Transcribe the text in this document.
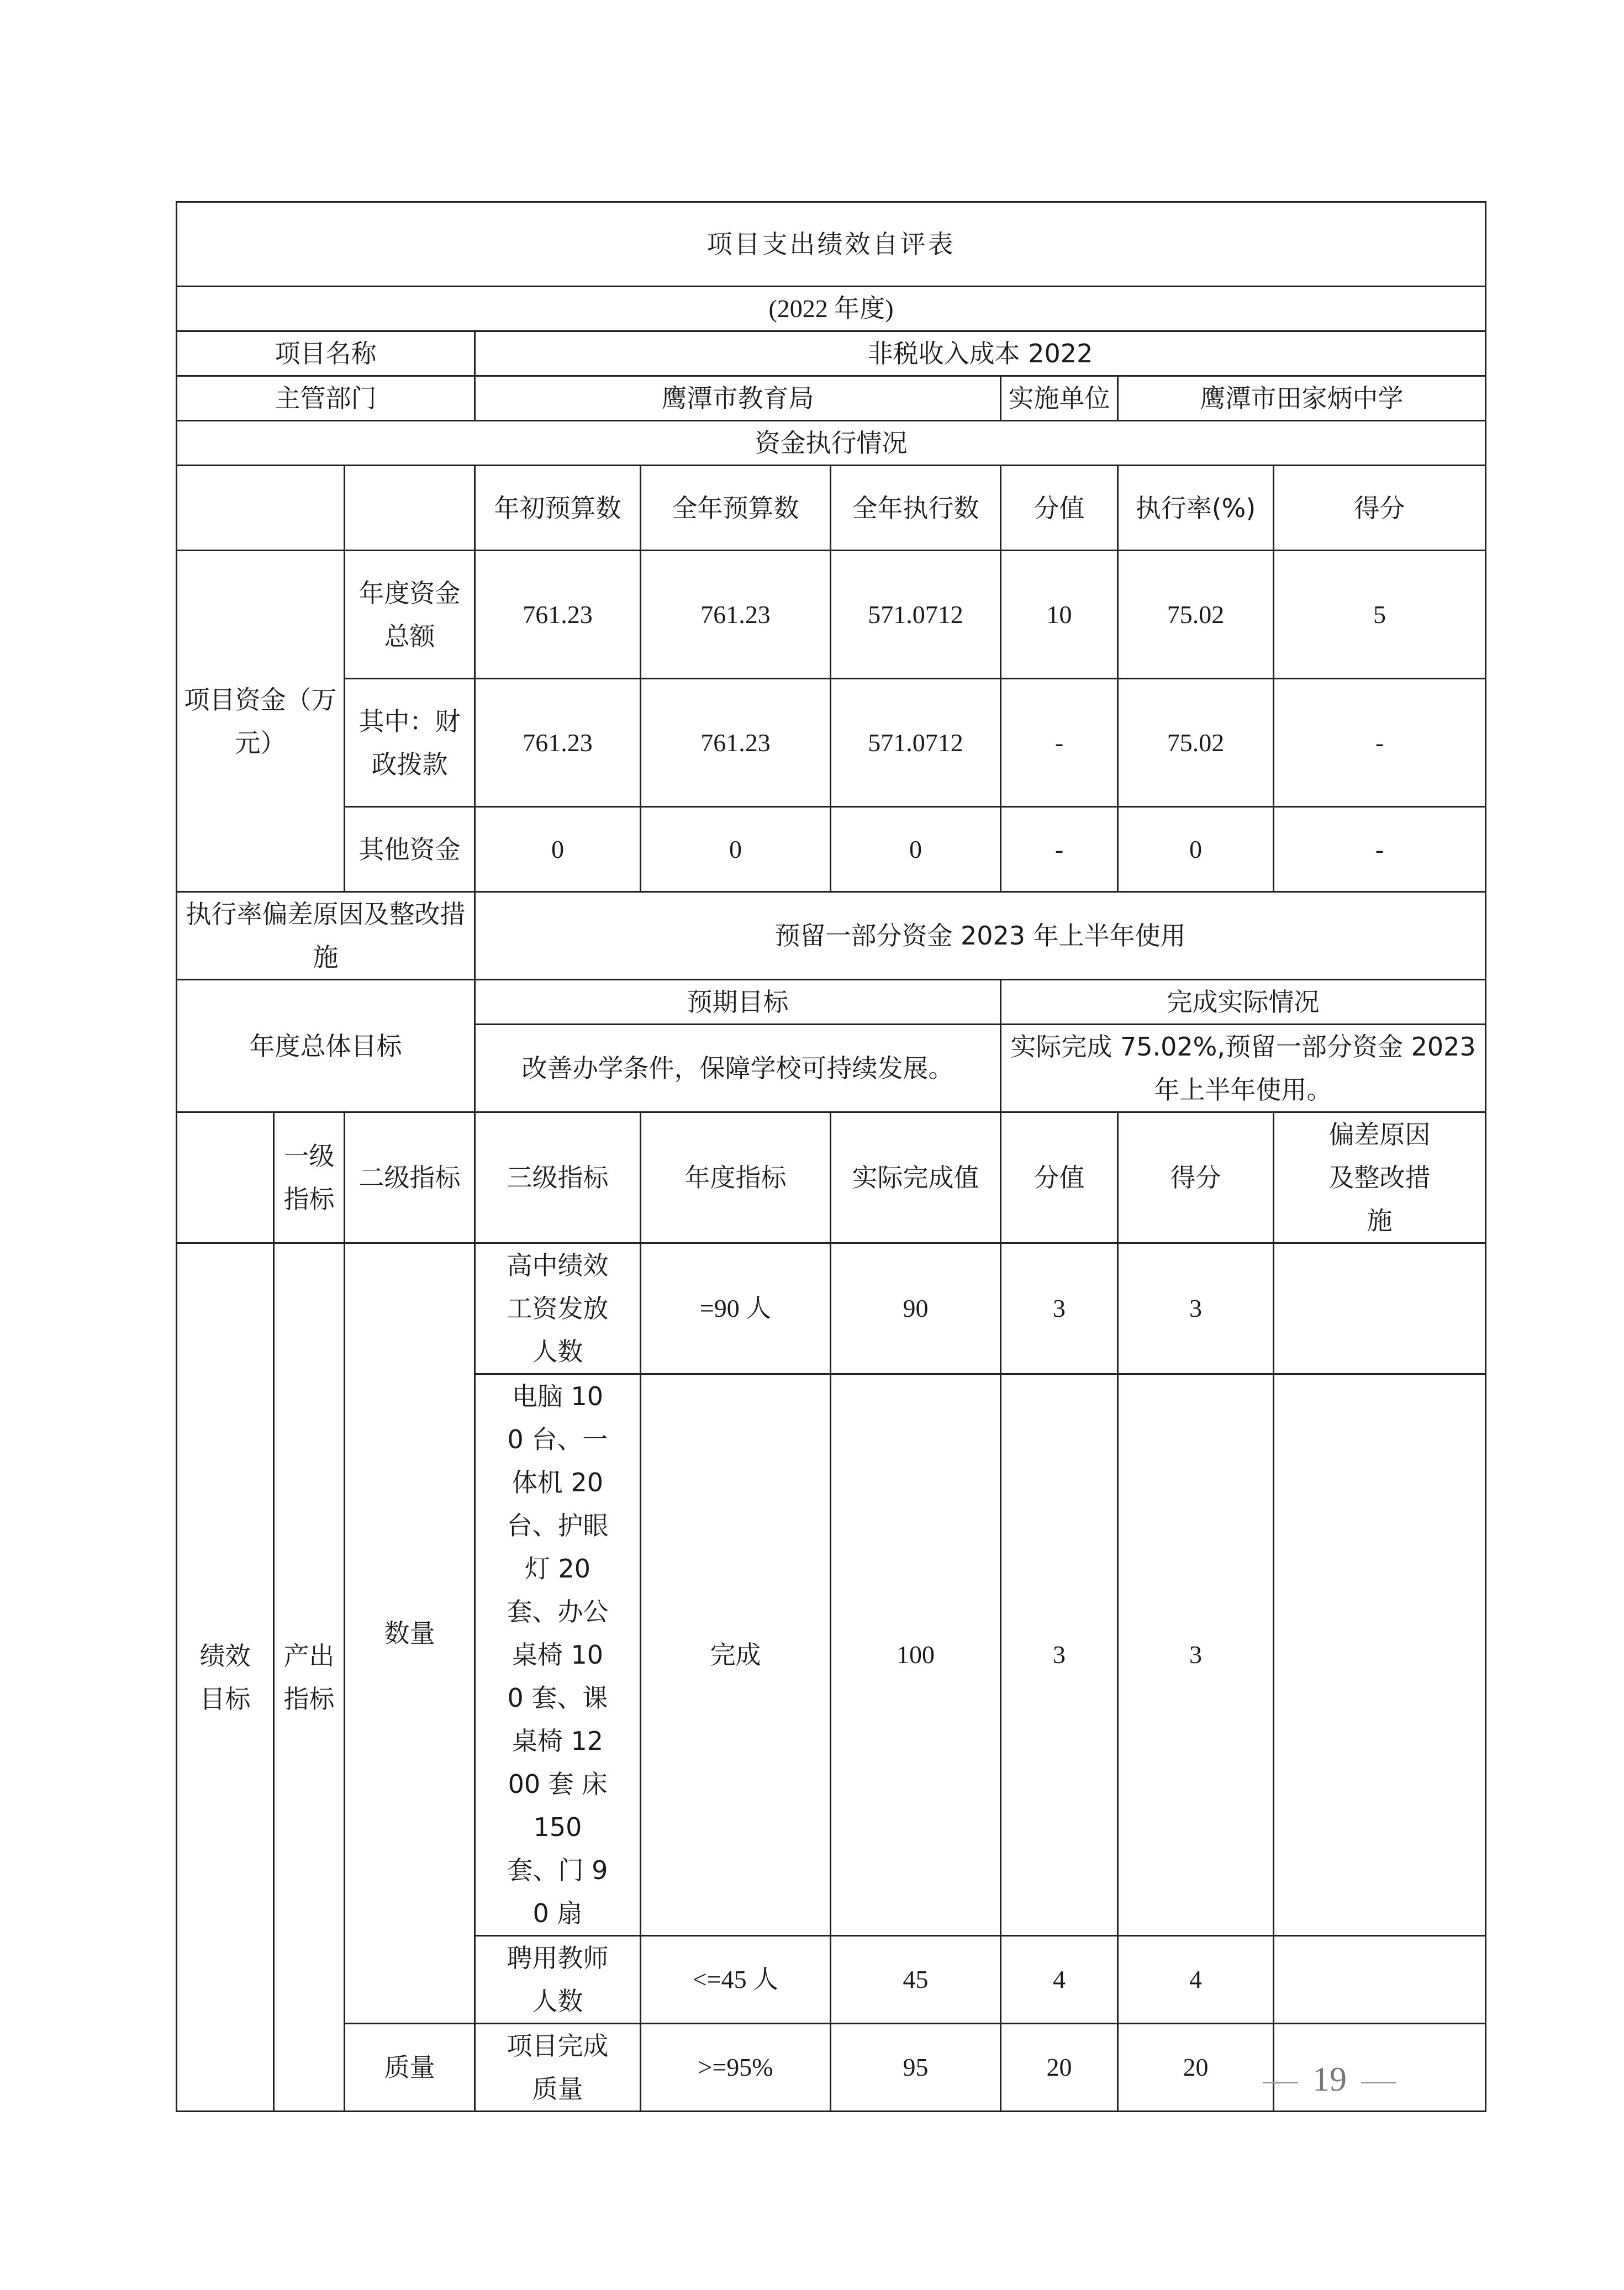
项目支出绩效自评表								
(2022 年度)								
项目名称			非税收入成本 2022					
主管部门			鹰潭市教育局			实施单位	鹰潭市田家炳中学	
资金执行情况								
			年初预算数	全年预算数	全年执行数	分值	执行率(%)	得分
项目资金（万元）		年度资金总额	761.23	761.23	571.0712	10	75.02	5
		其中：财政拨款	761.23	761.23	571.0712	-	75.02	-
		其他资金	0	0	0	-	0	-
执行率偏差原因及整改措施			预留一部分资金 2023 年上半年使用					
年度总体目标			预期目标			完成实际情况		
			改善办学条件，保障学校可持续发展。			实际完成 75.02%,预留一部分资金 2023 年上半年使用。		
	一级指标	二级指标	三级指标	年度指标	实际完成值	分值	得分	偏差原因及整改措施
绩效目标	产出指标	数量	高中绩效工资发放人数	=90 人	90	3	3	
			电脑 100 台、一体机 20 台、护眼灯 20 套、办公桌椅 100 套、课桌椅 1200 套 床 150 套、门 90 扇	完成	100	3	3	
			聘用教师人数	<=45 人	45	4	4	
		质量	项目完成质量	>=95%	95	20	20		19
